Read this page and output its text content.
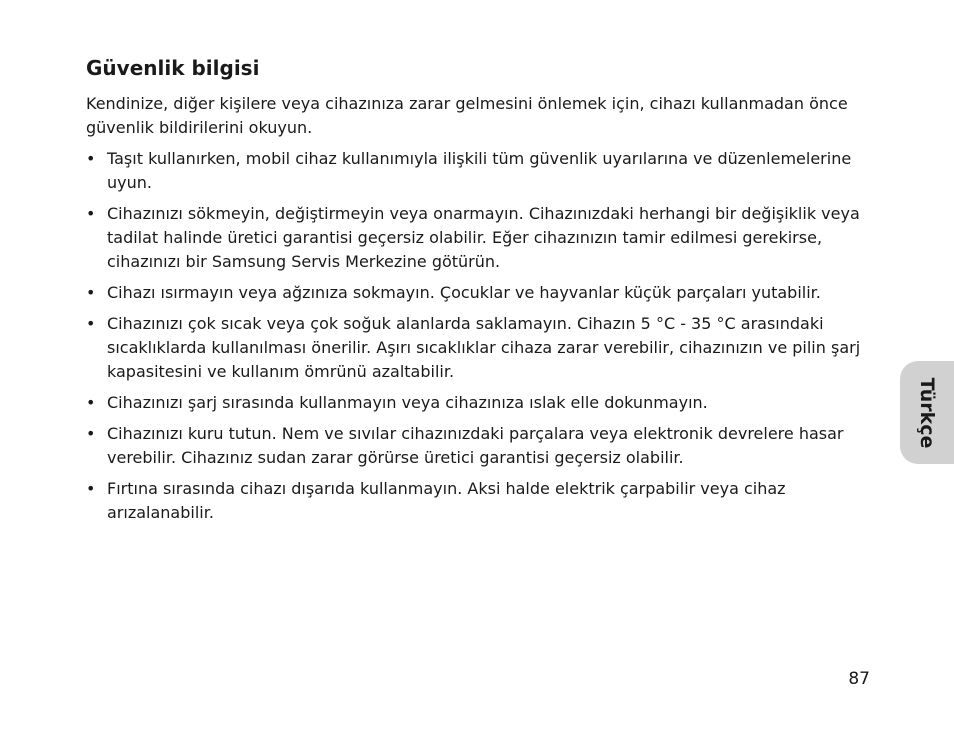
Güvenlik bilgisi

Kendinize, diğer kişilere veya cihazınıza zarar gelmesini önlemek için, cihazı kullanmadan önce güvenlik bildirilerini okuyun.

• Taşıt kullanırken, mobil cihaz kullanımıyla ilişkili tüm güvenlik uyarılarına ve düzenlemelerine uyun.
• Cihazınızı sökmeyin, değiştirmeyin veya onarmayın. Cihazınızdaki herhangi bir değişiklik veya tadilat halinde üretici garantisi geçersiz olabilir. Eğer cihazınızın tamir edilmesi gerekirse, cihazınızı bir Samsung Servis Merkezine götürün.
• Cihazı ısırmayın veya ağzınıza sokmayın. Çocuklar ve hayvanlar küçük parçaları yutabilir.
• Cihazınızı çok sıcak veya çok soğuk alanlarda saklamayın. Cihazın 5 °C - 35 °C arasındaki sıcaklıklarda kullanılması önerilir. Aşırı sıcaklıklar cihaza zarar verebilir, cihazınızın ve pilin şarj kapasitesini ve kullanım ömrünü azaltabilir.
• Cihazınızı şarj sırasında kullanmayın veya cihazınıza ıslak elle dokunmayın.
• Cihazınızı kuru tutun. Nem ve sıvılar cihazınızdaki parçalara veya elektronik devrelere hasar verebilir. Cihazınız sudan zarar görürse üretici garantisi geçersiz olabilir.
• Fırtına sırasında cihazı dışarıda kullanmayın. Aksi halde elektrik çarpabilir veya cihaz arızalanabilir.
Türkçe
87
